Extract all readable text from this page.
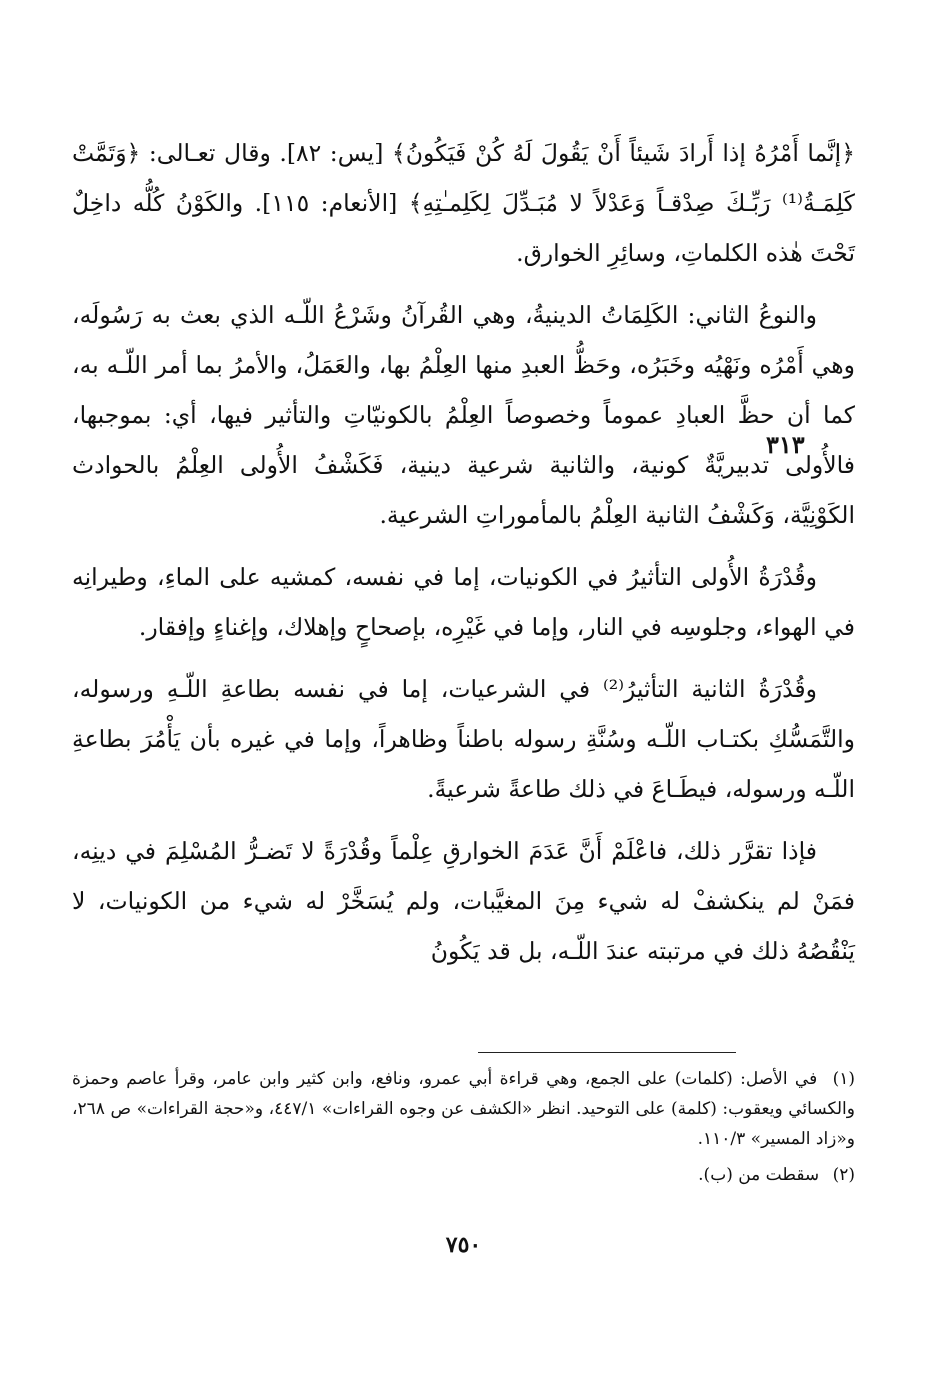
﴿إنَّما أَمْرُهُ إذا أَرادَ شَيئاً أَنْ يَقُولَ لَهُ كُنْ فَيَكُونُ﴾ [يس: ٨٢]. وقال تعـالى: ﴿وَتَمَّتْ كَلِمَـةُ⁽¹⁾ رَبِّـكَ صِدْقـاً وَعَدْلاً لا مُبَـدِّلَ لِكَلِمـٰتِهِ﴾ [الأنعام: ١١٥]. والكَوْنُ كُلُّه داخِلٌ تَحْتَ هٰذه الكلماتِ، وسائِرِ الخوارق.

والنوعُ الثاني: الكَلِمَاتُ الدينيةُ، وهي القُرآنُ وشَرْعُ اللّـه الذي بعث به رَسُولَه، وهي أَمْرُه ونَهْيُه وخَبَرُه، وحَظُّ العبدِ منها العِلْمُ بها، والعَمَلُ، والأمرُ بما أمر اللّـه به، كما أن حظَّ العبادِ عموماً وخصوصاً العِلْمُ بالكونيّاتِ والتأثير فيها، أي: بموجبها، فالأُولى تدبيريَّةٌ كونية، والثانية شرعية دينية، فَكَشْفُ الأُولى العِلْمُ بالحوادث الكَوْنِيَّة، وَكَشْفُ الثانية العِلْمُ بالمأموراتِ الشرعية.

وقُدْرَةُ الأُولى التأثيرُ في الكونيات، إما في نفسه، كمشيه على الماءِ، وطيرانِه في الهواء، وجلوسِه في النار، وإما في غَيْرِه، بإصحاحٍ وإهلاك، وإغناءٍ وإفقار.

وقُدْرَةُ الثانية التأثيرُ⁽²⁾ في الشرعيات، إما في نفسه بطاعةِ اللّـهِ ورسوله، والتَّمَسُّكِ بكتـاب اللّـه وسُنَّةِ رسوله باطناً وظاهراً، وإما في غيره بأن يَأْمُرَ بطاعةِ اللّـه ورسوله، فيطَـاعَ في ذلك طاعةً شرعيةً.

فإذا تقرَّر ذلك، فاعْلَمْ أَنَّ عَدَمَ الخوارقِ عِلْماً وقُدْرَةً لا تَضـرُّ المُسْلِمَ في دينِه، فمَنْ لم ينكشفْ له شيء مِنَ المغيَّبات، ولم يُسَخَّرْ له شيء من الكونيات، لا يَنْقُصُهُ ذلك في مرتبته عندَ اللّـه، بل قد يَكُونُ

٣١٣

(١) في الأصل: (كلمات) على الجمع، وهي قراءة أبي عمرو، ونافع، وابن كثير وابن عامر، وقرأ عاصم وحمزة والكسائي ويعقوب: (كلمة) على التوحيد. انظر «الكشف عن وجوه القراءات» ٤٤٧/١، و«حجة القراءات» ص ٢٦٨، و«زاد المسير» ١١٠/٣.

(٢) سقطت من (ب).

٧٥٠
